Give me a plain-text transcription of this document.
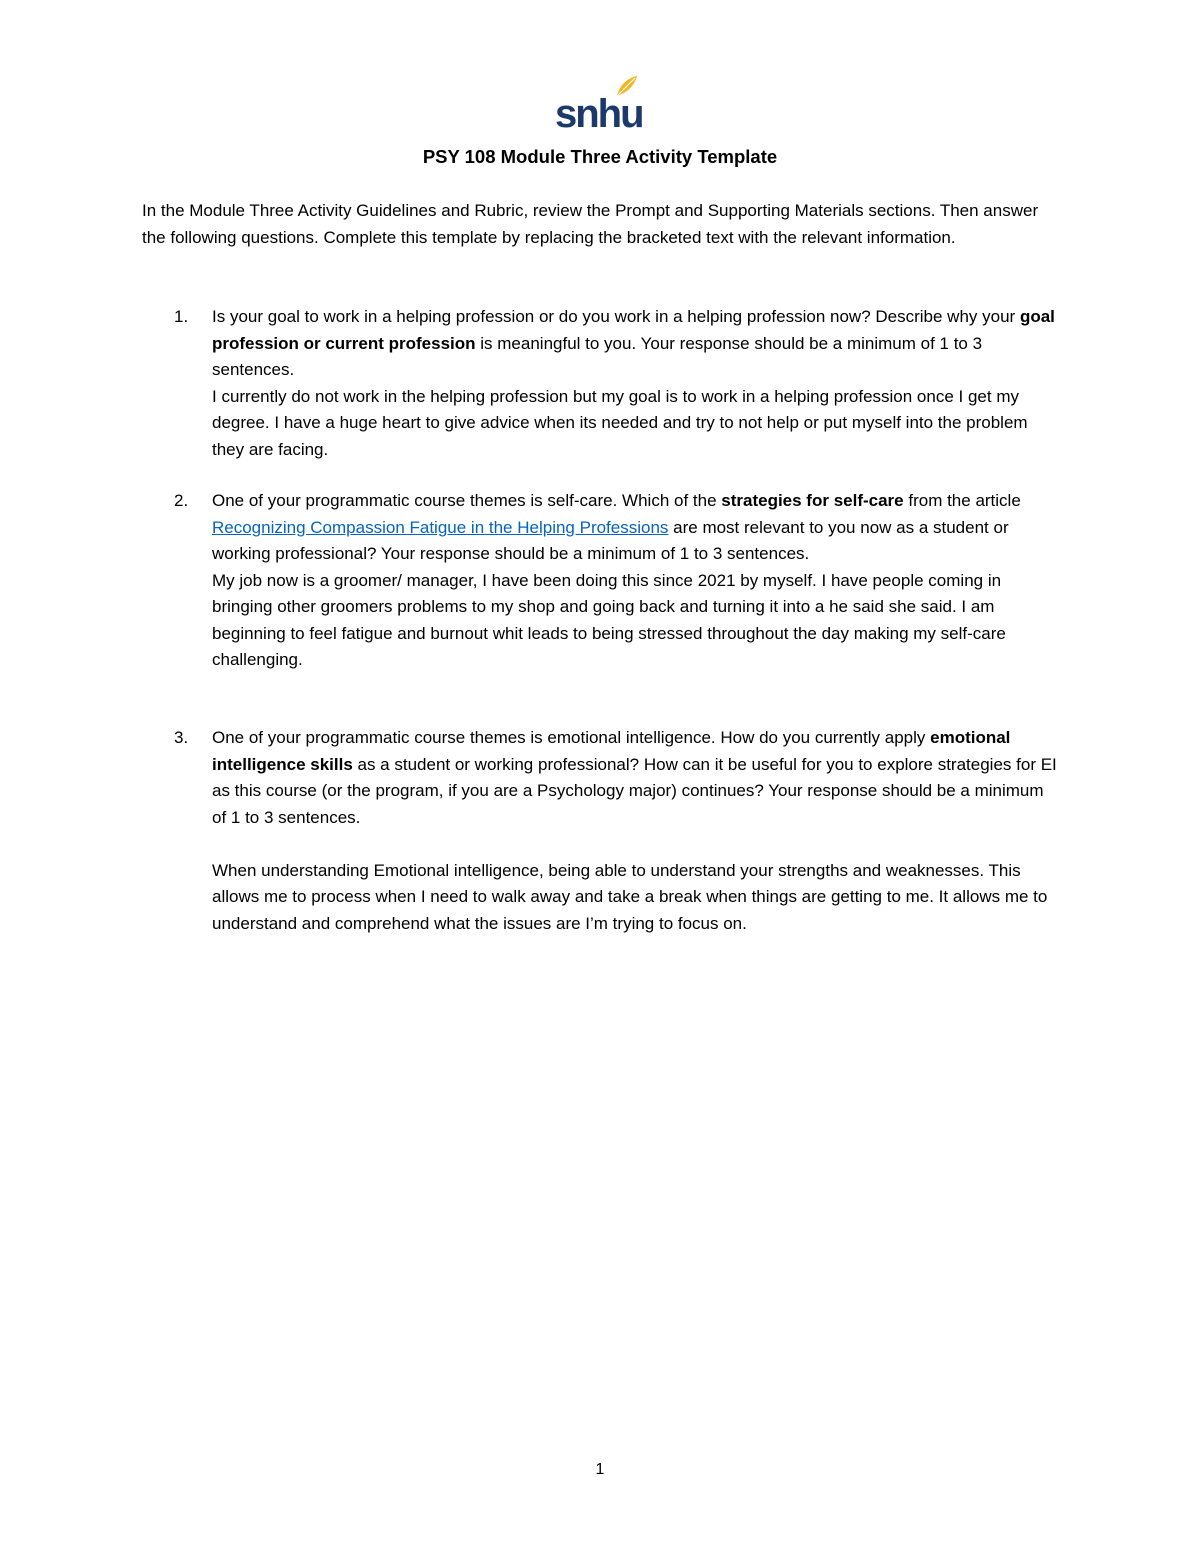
snhu
PSY 108 Module Three Activity Template
In the Module Three Activity Guidelines and Rubric, review the Prompt and Supporting Materials sections. Then answer the following questions. Complete this template by replacing the bracketed text with the relevant information.
1. Is your goal to work in a helping profession or do you work in a helping profession now? Describe why your goal profession or current profession is meaningful to you. Your response should be a minimum of 1 to 3 sentences.
I currently do not work in the helping profession but my goal is to work in a helping profession once I get my degree. I have a huge heart to give advice when its needed and try to not help or put myself into the problem they are facing.
2. One of your programmatic course themes is self-care. Which of the strategies for self-care from the article Recognizing Compassion Fatigue in the Helping Professions are most relevant to you now as a student or working professional? Your response should be a minimum of 1 to 3 sentences.
My job now is a groomer/ manager, I have been doing this since 2021 by myself. I have people coming in bringing other groomers problems to my shop and going back and turning it into a he said she said. I am beginning to feel fatigue and burnout whit leads to being stressed throughout the day making my self-care challenging.
3. One of your programmatic course themes is emotional intelligence. How do you currently apply emotional intelligence skills as a student or working professional? How can it be useful for you to explore strategies for EI as this course (or the program, if you are a Psychology major) continues? Your response should be a minimum of 1 to 3 sentences.
When understanding Emotional intelligence, being able to understand your strengths and weaknesses. This allows me to process when I need to walk away and take a break when things are getting to me. It allows me to understand and comprehend what the issues are I’m trying to focus on.
1
